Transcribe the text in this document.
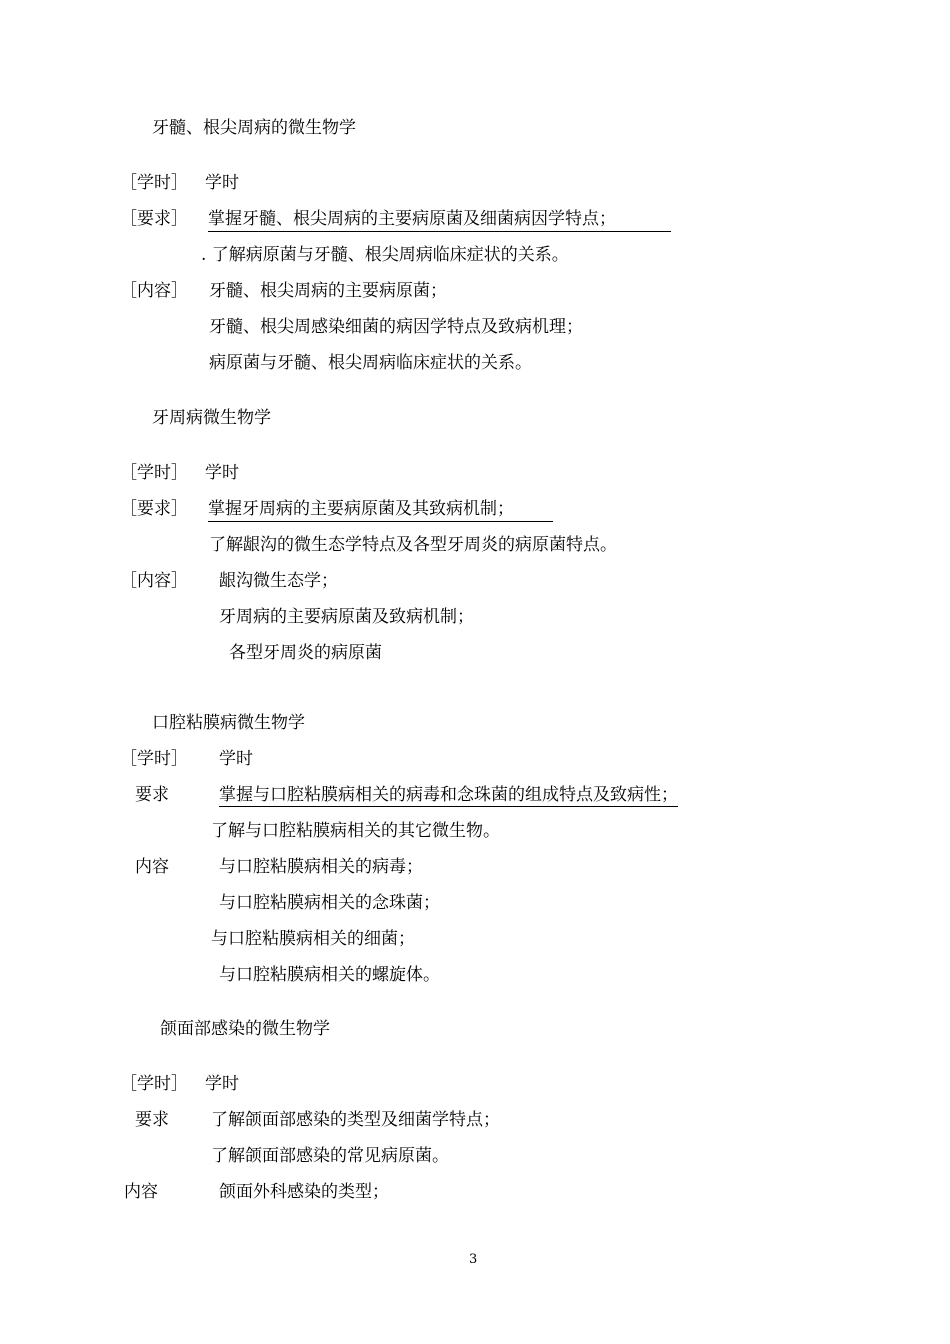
牙髓、根尖周病的微生物学
［学时］ 学时
［要求］ 掌握牙髓、根尖周病的主要病原菌及细菌病因学特点；
. 了解病原菌与牙髓、根尖周病临床症状的关系。
［内容］ 牙髓、根尖周病的主要病原菌；
牙髓、根尖周感染细菌的病因学特点及致病机理；
病原菌与牙髓、根尖周病临床症状的关系。
牙周病微生物学
［学时］ 学时
［要求］ 掌握牙周病的主要病原菌及其致病机制；
了解龈沟的微生态学特点及各型牙周炎的病原菌特点。
［内容］ 龈沟微生态学；
牙周病的主要病原菌及致病机制；
各型牙周炎的病原菌
口腔粘膜病微生物学
［学时］ 学时
要求	掌握与口腔粘膜病相关的病毒和念珠菌的组成特点及致病性；
了解与口腔粘膜病相关的其它微生物。
内容	与口腔粘膜病相关的病毒；
与口腔粘膜病相关的念珠菌；
与口腔粘膜病相关的细菌；
与口腔粘膜病相关的螺旋体。
颌面部感染的微生物学
［学时］ 学时
要求 了解颌面部感染的类型及细菌学特点；
了解颌面部感染的常见病原菌。
内容	颌面外科感染的类型；
3
